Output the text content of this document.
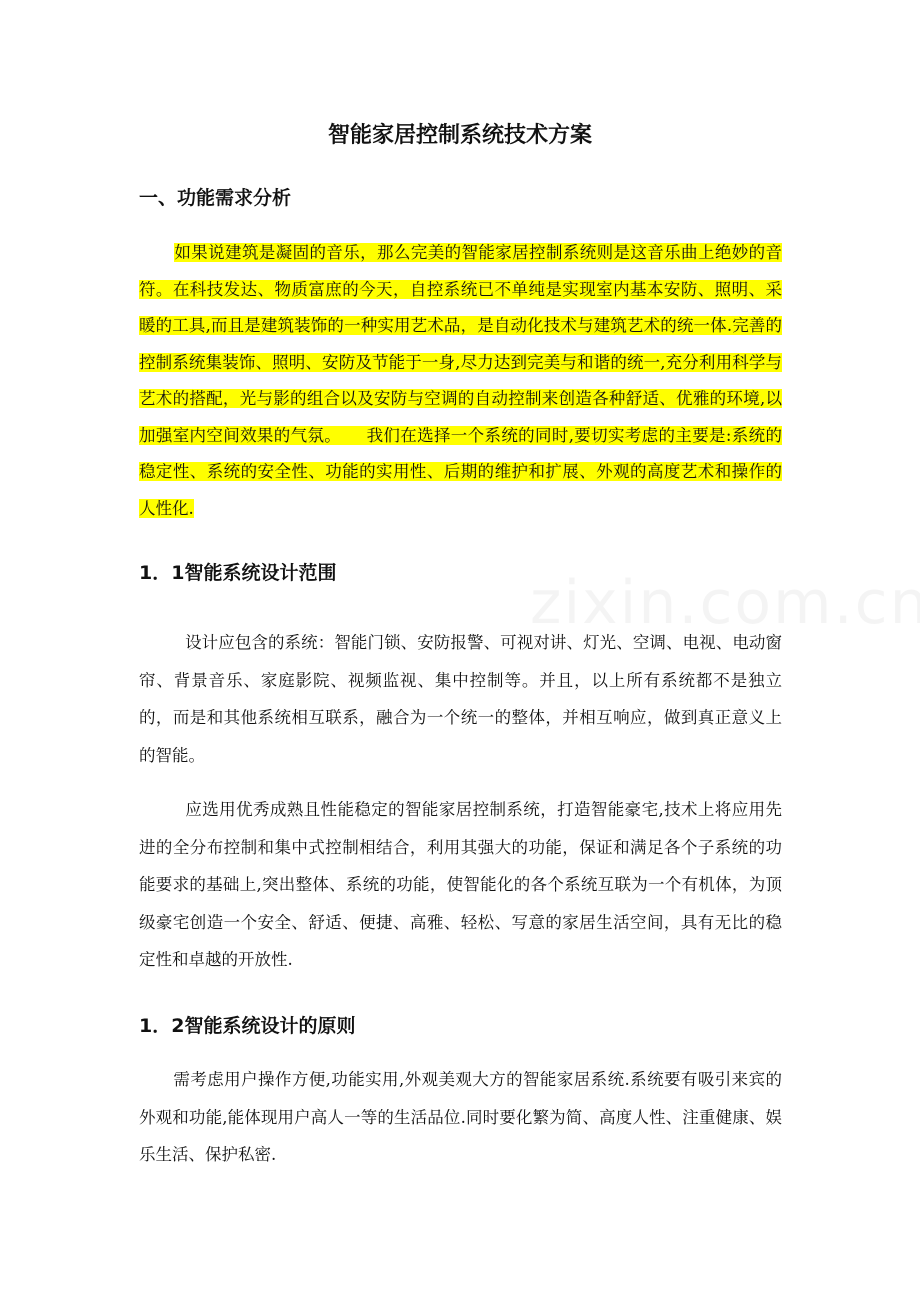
智能家居控制系统技术方案
一、功能需求分析

如果说建筑是凝固的音乐，那么完美的智能家居控制系统则是这音乐曲上绝妙的音符。在科技发达、物质富庶的今天，自控系统已不单纯是实现室内基本安防、照明、采暖的工具,而且是建筑装饰的一种实用艺术品，是自动化技术与建筑艺术的统一体.完善的控制系统集装饰、照明、安防及节能于一身,尽力达到完美与和谐的统一,充分利用科学与艺术的搭配，光与影的组合以及安防与空调的自动控制来创造各种舒适、优雅的环境,以加强室内空间效果的气氛。　　我们在选择一个系统的同时,要切实考虑的主要是:系统的稳定性、系统的安全性、功能的实用性、后期的维护和扩展、外观的高度艺术和操作的人性化.

1．1智能系统设计范围

设计应包含的系统：智能门锁、安防报警、可视对讲、灯光、空调、电视、电动窗帘、背景音乐、家庭影院、视频监视、集中控制等。并且，以上所有系统都不是独立的，而是和其他系统相互联系，融合为一个统一的整体，并相互响应，做到真正意义上的智能。

应选用优秀成熟且性能稳定的智能家居控制系统，打造智能豪宅,技术上将应用先进的全分布控制和集中式控制相结合，利用其强大的功能，保证和满足各个子系统的功能要求的基础上,突出整体、系统的功能，使智能化的各个系统互联为一个有机体，为顶级豪宅创造一个安全、舒适、便捷、高雅、轻松、写意的家居生活空间，具有无比的稳定性和卓越的开放性.

1．2智能系统设计的原则

需考虑用户操作方便,功能实用,外观美观大方的智能家居系统.系统要有吸引来宾的外观和功能,能体现用户高人一等的生活品位.同时要化繁为简、高度人性、注重健康、娱乐生活、保护私密.
